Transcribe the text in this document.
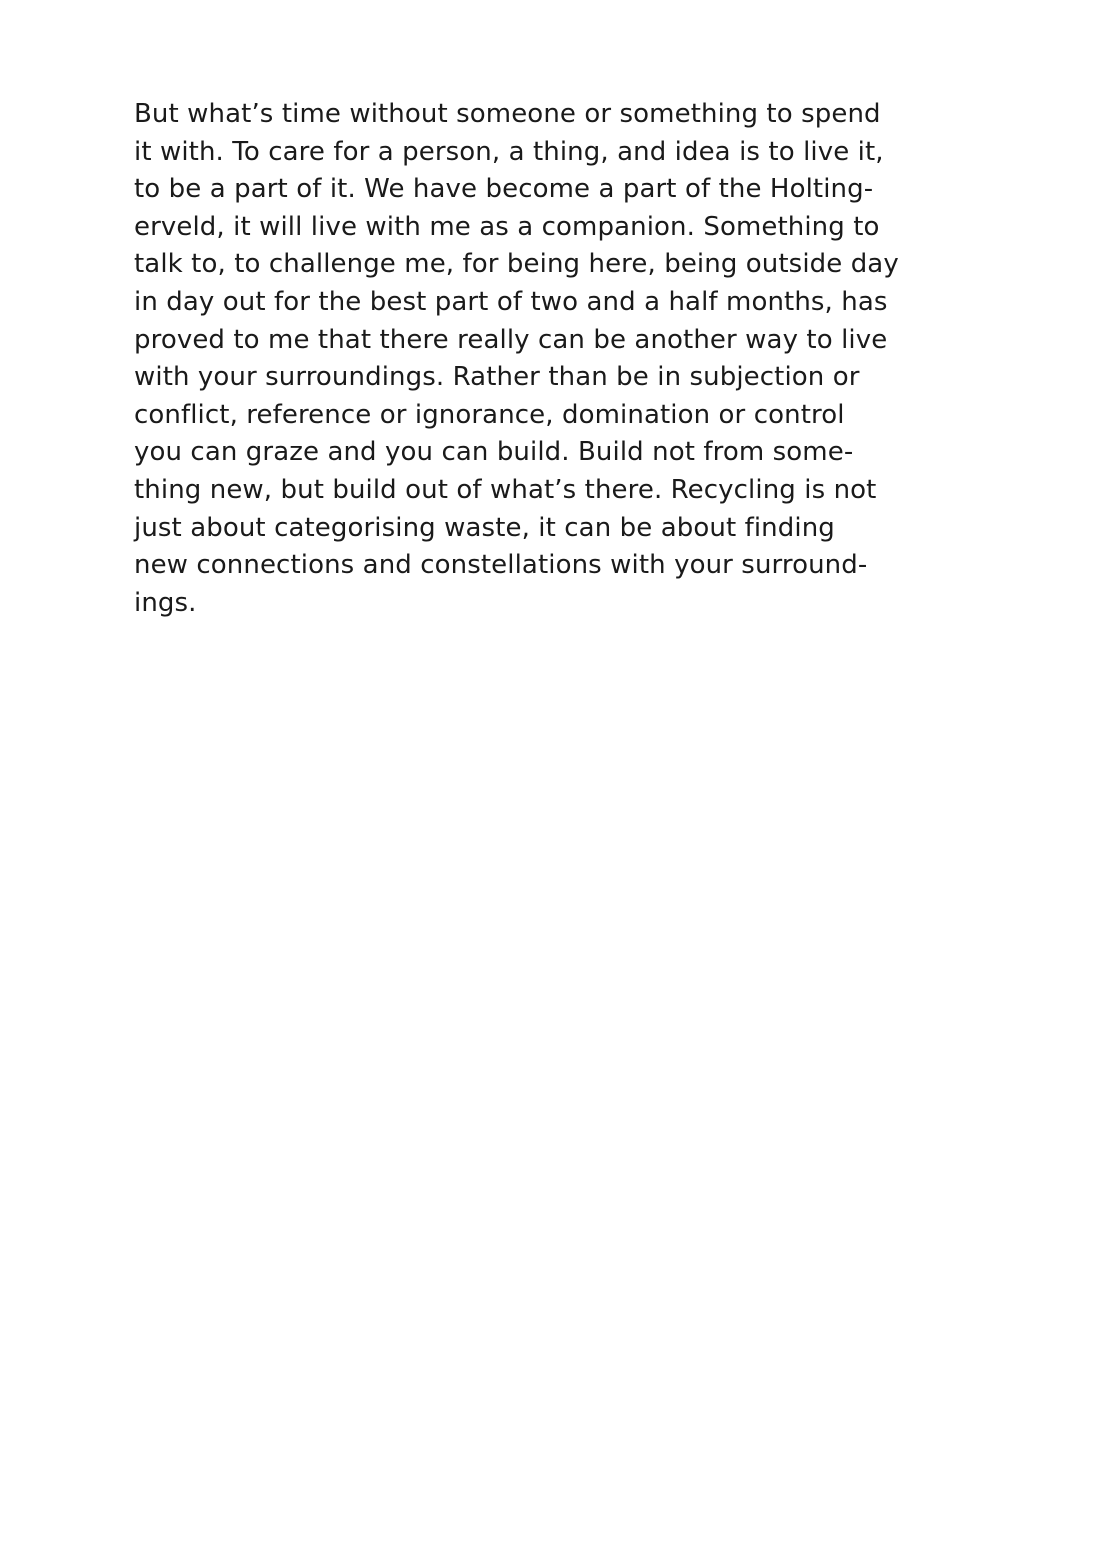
But what’s time without someone or something to spend
it with. To care for a person, a thing, and idea is to live it,
to be a part of it. We have become a part of the Holting-
erveld, it will live with me as a companion. Something to
talk to, to challenge me, for being here, being outside day
in day out for the best part of two and a half months, has
proved to me that there really can be another way to live
with your surroundings. Rather than be in subjection or
conflict, reference or ignorance, domination or control
you can graze and you can build. Build not from some-
thing new, but build out of what’s there. Recycling is not
just about categorising waste, it can be about finding
new connections and constellations with your surround-
ings.
